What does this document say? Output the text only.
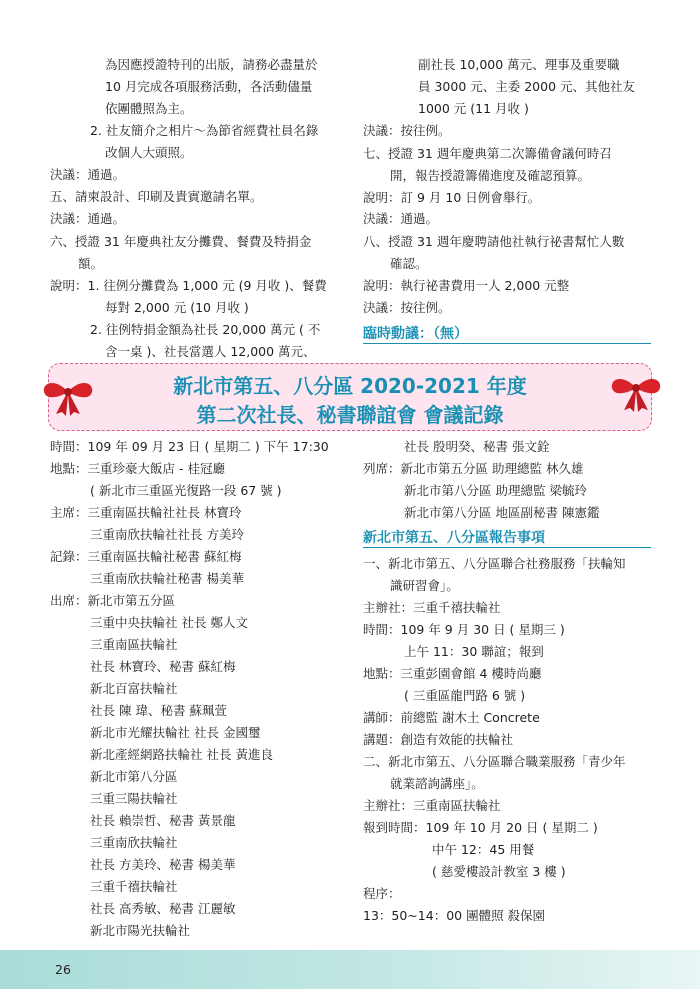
為因應授證特刊的出版，請務必盡量於
10 月完成各項服務活動，各活動儘量
依團體照為主。
2. 社友簡介之相片～為節省經費社員名錄
改個人大頭照。
決議：通過。
五、請柬設計、印刷及貴賓邀請名單。
決議：通過。
六、授證 31 年慶典社友分攤費、餐費及特捐金
額。
說明：1. 往例分攤費為 1,000 元 (9 月收 )、餐費
每對 2,000 元 (10 月收 )
2. 往例特捐金額為社長 20,000 萬元 ( 不
含一桌 )、社長當選人 12,000 萬元、
副社長 10,000 萬元、理事及重要職
員 3000 元、主委 2000 元、其他社友
1000 元 (11 月收 )
決議：按往例。
七、授證 31 週年慶典第二次籌備會議何時召
開，報告授證籌備進度及確認預算。
說明：訂 9 月 10 日例會舉行。
決議：通過。
八、授證 31 週年慶聘請他社執行祕書幫忙人數
確認。
說明：執行祕書費用一人 2,000 元整
決議：按往例。
臨時動議：（無）
新北市第五、八分區 2020-2021 年度
第二次社長、秘書聯誼會 會議記錄
時間：109 年 09 月 23 日 ( 星期二 ) 下午 17:30
地點：三重珍豪大飯店 - 桂冠廳
( 新北市三重區光復路一段 67 號 )
主席：三重南區扶輪社社長 林寶玲
三重南欣扶輪社社長 方美玲
記錄：三重南區扶輪社秘書 蘇紅梅
三重南欣扶輪社秘書 楊美華
出席：新北市第五分區
三重中央扶輪社 社長 鄭人文
三重南區扶輪社
社長 林寶玲、秘書 蘇紅梅
新北百富扶輪社
社長 陳 瑋、秘書 蘇珮萱
新北市光耀扶輪社 社長 金國璽
新北產經網路扶輪社 社長 黃進良
新北市第八分區
三重三陽扶輪社
社長 賴崇哲、秘書 黃景龍
三重南欣扶輪社
社長 方美玲、秘書 楊美華
三重千禧扶輪社
社長 高秀敏、秘書 江麗敏
新北市陽光扶輪社
社長 殷明癸、秘書 張文銓
列席：新北市第五分區 助理總監 林久雄
新北市第八分區 助理總監 梁毓玲
新北市第八分區 地區副秘書 陳憲鑑
新北市第五、八分區報告事項
一、新北市第五、八分區聯合社務服務「扶輪知
識研習會」。
主辦社：三重千禧扶輪社
時間：109 年 9 月 30 日 ( 星期三 )
上午 11：30 聯誼；報到
地點：三重彭園會館 4 樓時尚廳
( 三重區龍門路 6 號 )
講師：前總監 謝木土 Concrete
講題：創造有效能的扶輪社
二、新北市第五、八分區聯合職業服務「青少年
就業諮詢講座」。
主辦社：三重南區扶輪社
報到時間：109 年 10 月 20 日 ( 星期二 )
中午 12：45 用餐
( 慈愛樓設計教室 3 樓 )
程序：
13：50~14：00 團體照 殺保園
26
